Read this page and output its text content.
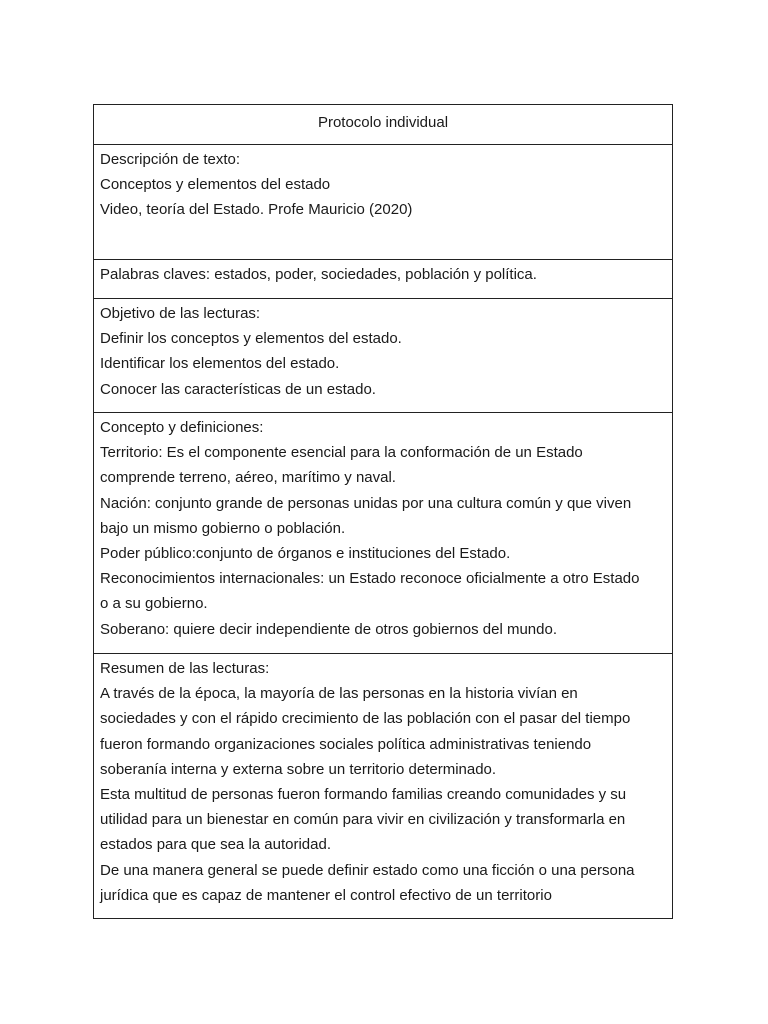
Protocolo individual
Descripción de texto:
Conceptos y elementos del estado
Video, teoría del Estado. Profe Mauricio (2020)
Palabras claves: estados, poder, sociedades, población y política.
Objetivo de las lecturas:
Definir los conceptos y elementos del estado.
Identificar los elementos del estado.
Conocer las características de un estado.
Concepto y definiciones:
Territorio: Es el componente esencial para la conformación de un Estado
comprende terreno, aéreo, marítimo y naval.
Nación: conjunto grande de personas unidas por una cultura común y que viven
bajo un mismo gobierno o población.
Poder público:conjunto de órganos e instituciones del Estado.
Reconocimientos internacionales: un Estado reconoce oficialmente a otro Estado
o a su gobierno.
Soberano: quiere decir independiente de otros gobiernos del mundo.
Resumen de las lecturas:
A través de la época, la mayoría de las personas en la historia vivían en
sociedades y con el rápido crecimiento de las población con el pasar del tiempo
fueron formando organizaciones sociales política administrativas teniendo
soberanía interna y externa sobre un territorio determinado.
Esta multitud de personas fueron formando familias creando comunidades y su
utilidad para un bienestar en común para vivir en civilización y transformarla en
estados para que sea la autoridad.
De una manera general se puede definir estado como una ficción o una persona
jurídica que es capaz de mantener el control efectivo de un territorio
